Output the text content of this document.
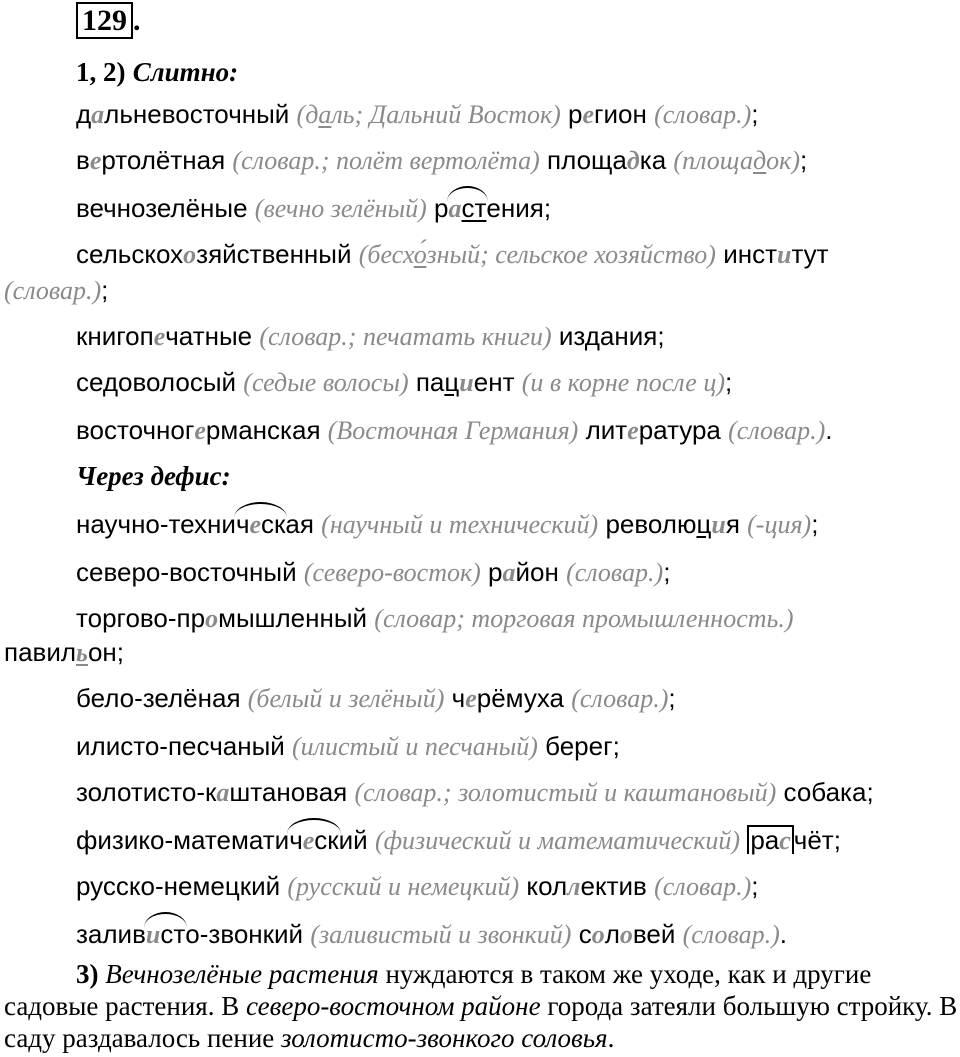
129 .
1, 2) Слитно:
дальневосточный (даль; Дальний Восток) регион (словар.);
вертолётная (словар.; полёт вертолёта) площадка (площадок);
вечнозелёные (вечно зелёный) растения;
сельскохозяйственный (бесхо́зный; сельское хозяйство) институт
(словар.);
книгопечатные (словар.; печатать книги) издания;
седоволосый (седые волосы) пациент (и в корне после ц);
восточногерманская (Восточная Германия) литература (словар.).
Через дефис:
научно-техническая (научный и технический) революция (-ция);
северо-восточный (северо-восток) район (словар.);
торгово-промышленный (словар; торговая промышленность.)
павильон;
бело-зелёная (белый и зелёный) черёмуха (словар.);
илисто-песчаный (илистый и песчаный) берег;
золотисто-каштановая (словар.; золотистый и каштановый) собака;
физико-математический (физический и математический) рас чёт;
русско-немецкий (русский и немецкий) коллектив (словар.);
заливисто-звонкий (заливистый и звонкий) соловей (словар.).
3) Вечнозелёные растения нуждаются в таком же уходе, как и другие садовые растения. В северо-восточном районе города затеяли большую стройку. В саду раздавалось пение золотисто-звонкого соловья.
